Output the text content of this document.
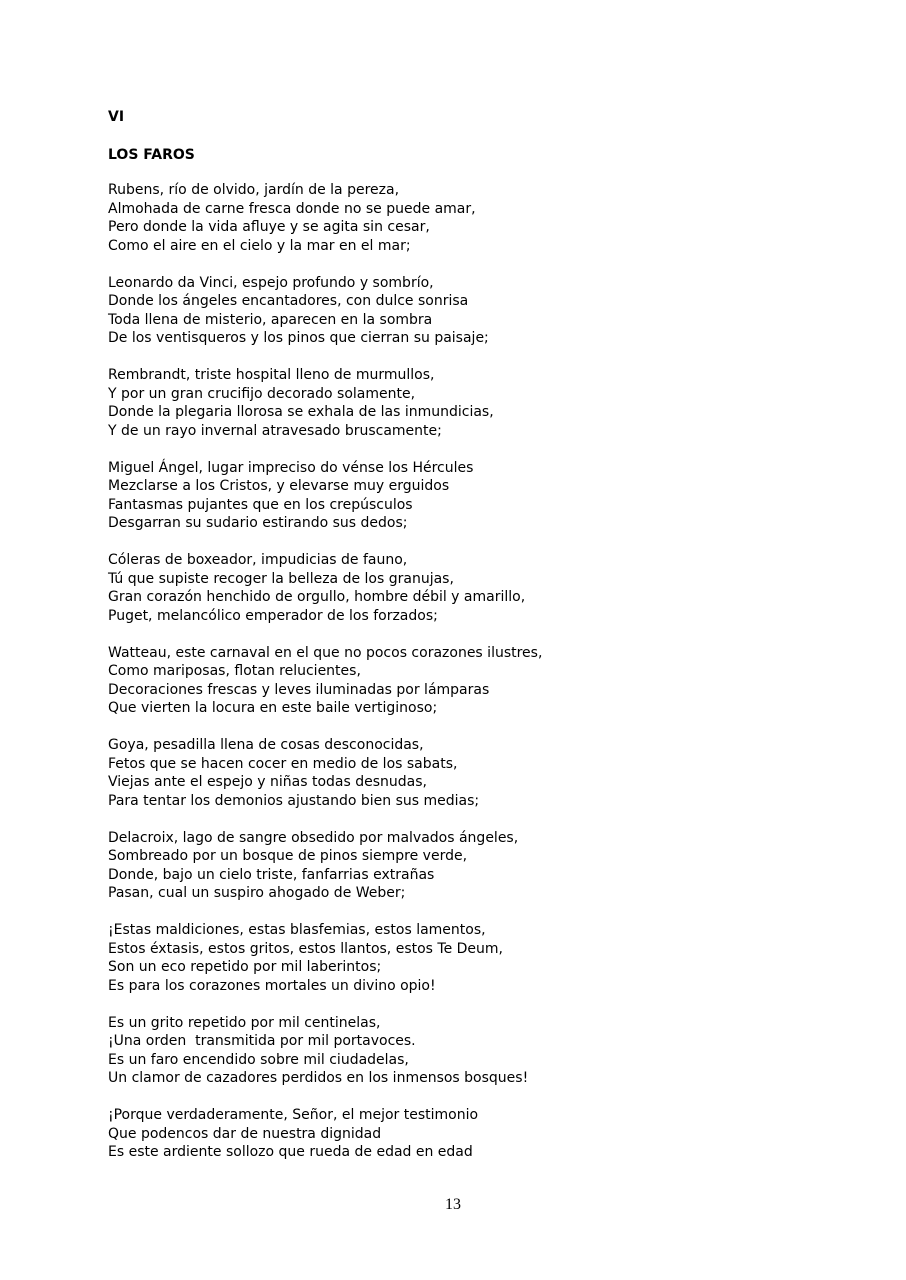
VI
LOS FAROS
Rubens, río de olvido, jardín de la pereza,
Almohada de carne fresca donde no se puede amar,
Pero donde la vida afluye y se agita sin cesar,
Como el aire en el cielo y la mar en el mar;
Leonardo da Vinci, espejo profundo y sombrío,
Donde los ángeles encantadores, con dulce sonrisa
Toda llena de misterio, aparecen en la sombra
De los ventisqueros y los pinos que cierran su paisaje;
Rembrandt, triste hospital lleno de murmullos,
Y por un gran crucifijo decorado solamente,
Donde la plegaria llorosa se exhala de las inmundicias,
Y de un rayo invernal atravesado bruscamente;
Miguel Ángel, lugar impreciso do vénse los Hércules
Mezclarse a los Cristos, y elevarse muy erguidos
Fantasmas pujantes que en los crepúsculos
Desgarran su sudario estirando sus dedos;
Cóleras de boxeador, impudicias de fauno,
Tú que supiste recoger la belleza de los granujas,
Gran corazón henchido de orgullo, hombre débil y amarillo,
Puget, melancólico emperador de los forzados;
Watteau, este carnaval en el que no pocos corazones ilustres,
Como mariposas, flotan relucientes,
Decoraciones frescas y leves iluminadas por lámparas
Que vierten la locura en este baile vertiginoso;
Goya, pesadilla llena de cosas desconocidas,
Fetos que se hacen cocer en medio de los sabats,
Viejas ante el espejo y niñas todas desnudas,
Para tentar los demonios ajustando bien sus medias;
Delacroix, lago de sangre obsedido por malvados ángeles,
Sombreado por un bosque de pinos siempre verde,
Donde, bajo un cielo triste, fanfarrias extrañas
Pasan, cual un suspiro ahogado de Weber;
¡Estas maldiciones, estas blasfemias, estos lamentos,
Estos éxtasis, estos gritos, estos llantos, estos Te Deum,
Son un eco repetido por mil laberintos;
Es para los corazones mortales un divino opio!
Es un grito repetido por mil centinelas,
¡Una orden  transmitida por mil portavoces.
Es un faro encendido sobre mil ciudadelas,
Un clamor de cazadores perdidos en los inmensos bosques!
¡Porque verdaderamente, Señor, el mejor testimonio
Que podencos dar de nuestra dignidad
Es este ardiente sollozo que rueda de edad en edad
13
